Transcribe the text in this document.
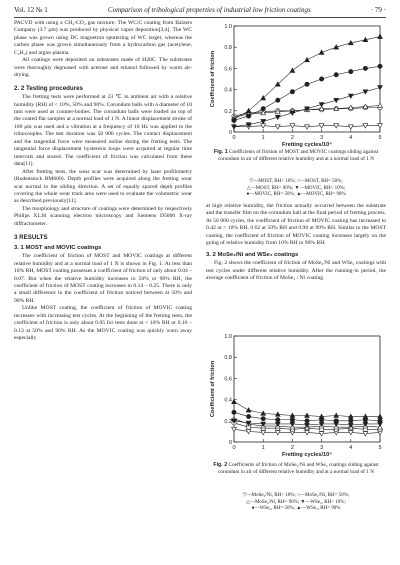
Vol. 12 № 1	Comparison of tribological properties of industrial low friction coatings	· 79 ·

PACVD with using a CH₄-CO₂ gas mixture. The WC/C coating from Balzers Company (3.7 μm) was produced by physical vapor deposition[3,4]. The WC phase was grown using DC magnetron sputtering of WC target, whereas the carbon phase was grown simultaneously from a hydrocarbon gas (acetylene, C₂H₂) and argon plasma.

All coatings were deposited on substrates made of H20C. The substrates were thoroughly degreased with acetone and ethanol followed by warm air-drying.

2. 2 Testing procedures

The fretting tests were performed at 23 ℃ in ambient air with a relative humidity (RH) of < 10%, 50% and 90%. Corundum balls with a diameter of 10 mm were used as counter-bodies. The corundum balls were loaded on top of the coated flat samples at a normal load of 1 N. A linear displacement stroke of 100 μm was used and a vibration at a frequency of 10 Hz was applied to the tribocouples. The test duration was 50 000 cycles. The contact displacement and the tangential force were measured online during the fretting tests. The tangential force displacement hysteresis loops were acquired at regular time intervals and stored. The coefficient of friction was calculated from these data[11].

After fretting tests, the wear scar was determined by laser profilometry (Rodenstock RM600). Depth profiles were acquired along the fretting wear scar normal to the sliding direction. A set of equally spaced depth profiles covering the whole wear track area were used to evaluate the volumetric wear as described previously[11].

The morphology and structure of coatings were determined by respectively Philips XL30 scanning electron microscopy and Siemens D5000 X-ray diffractometer.

3 RESULTS
3. 1 MOST and MOVIC coatings

The coefficient of friction of MOST and MOVIC coatings at different relative humidity and at a normal load of 1 N is shown in Fig. 1. At less than 10% RH, MOST coating possesses a coefficient of friction of only about 0.04 – 0.07. But when the relative humidity increases to 50% or 90% RH, the coefficient of friction of MOST coating increases to 0.14 – 0.25. There is only a small difference in the coefficient of friction noticed between at 50% and 90% RH.

Unlike MOST coating, the coefficient of friction of MOVIC coating increases with increasing test cycles. At the beginning of the fretting tests, the coefficient of friction is only about 0.05 for tests done at < 10% RH or 0.10 – 0.13 at 50% and 90% RH. As the MOVIC coating was quickly worn away especially

0
0.2
0.4
0.6
0.8
1.0
0	1	2	3	4	5
Fretting cycles/10⁴
Coefficient of friction
Fig. 1 Coefficients of friction of MOST and MOVIC coatings sliding against corundum in air of different relative humidity and at a normal load of 1 N
▽—MOST, RH< 10%; ○—MOST, RH= 50%;
△—MOST, RH= 90%; ▼—MOVIC, RH< 10%;
●—MOVIC, RH= 50%; ▲—MOVIC, RH= 90%

at high relative humidity, the friction actually occurred between the substrate and the transfer film on the corundum ball at the final period of fretting process. At 50 000 cycles, the coefficient of friction of MOVIC coating has increased to 0.42 at < 10% RH, 0.62 at 50% RH and 0.90 at 90% RH. Similar to the MOST coating, the coefficient of friction of MOVIC coating increases largely on the going of relative humidity from 10% RH to 90% RH.

3. 2 MoSe₂/Ni and WSe₂ coatings

Fig. 2 shows the coefficient of friction of MoSe₂/Ni and WSe₂ coatings with test cycles under different relative humidity. After the running-in period, the average coefficient of friction of MoSe₂ / Ni coating

0
0.2
0.4
0.6
0.8
1.0
0	1	2	3	4	5
Fretting cycles/10⁴
Coefficient of friction
Fig. 2 Coefficients of friction of MoSe₂/Ni and WSe₂ coatings sliding against corundum in air of different relative humidity and at a normal load of 1 N
▽—MoSe₂/Ni, RH< 10%; ○—MoSe₂/Ni, RH= 50%;
△—MoSe₂/Ni, RH= 90%; ▼—WSe₂, RH< 10%;
●—WSe₂, RH= 50%; ▲—WSe₂, RH= 90%
